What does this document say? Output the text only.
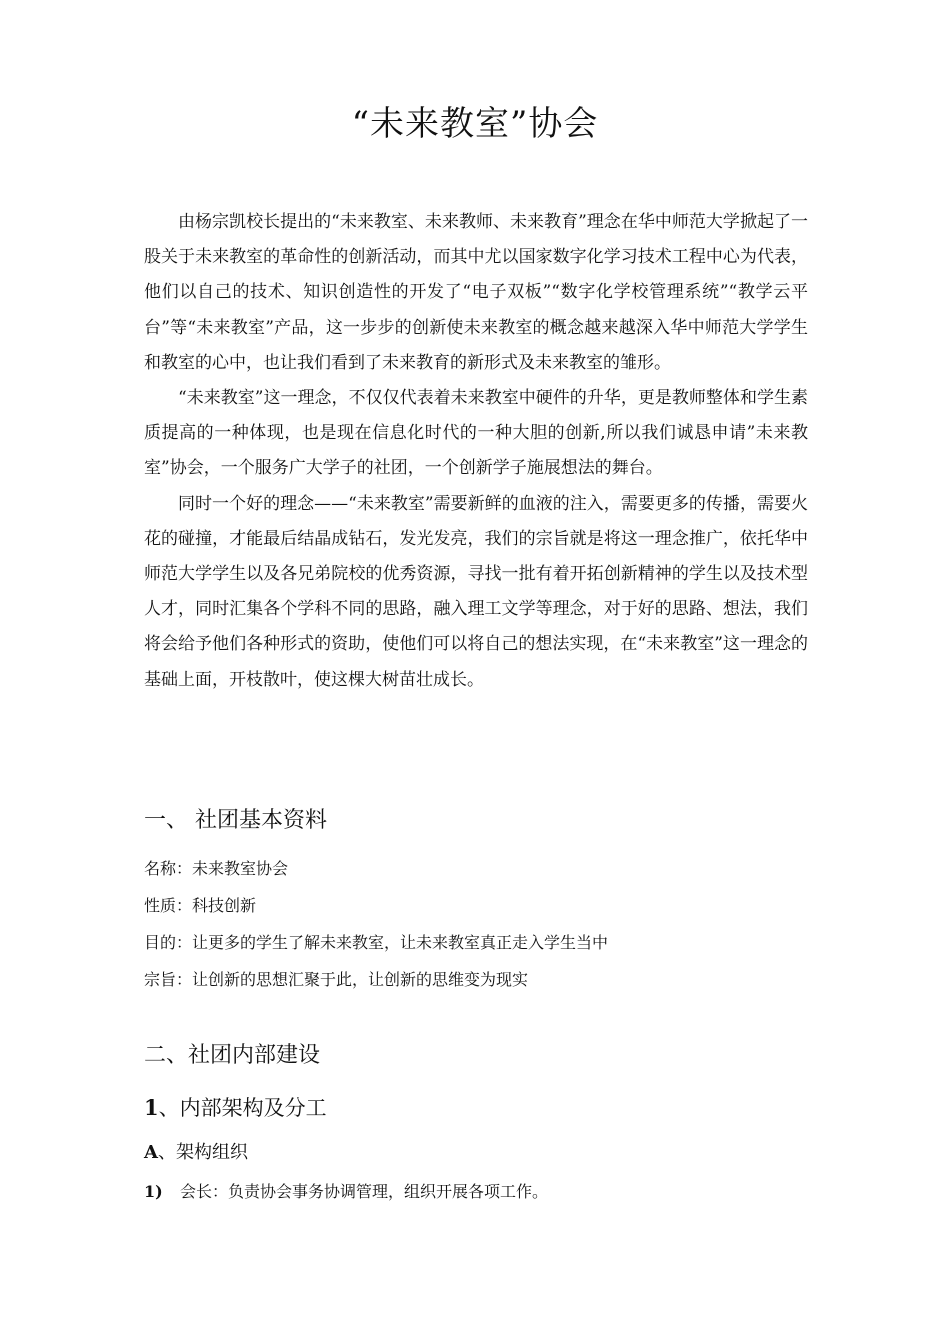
“未来教室”协会

由杨宗凯校长提出的“未来教室、未来教师、未来教育”理念在华中师范大学掀起了一股关于未来教室的革命性的创新活动，而其中尤以国家数字化学习技术工程中心为代表，他们以自己的技术、知识创造性的开发了“电子双板”“数字化学校管理系统”“教学云平台”等“未来教室”产品，这一步步的创新使未来教室的概念越来越深入华中师范大学学生和教室的心中，也让我们看到了未来教育的新形式及未来教室的雏形。

“未来教室”这一理念，不仅仅代表着未来教室中硬件的升华，更是教师整体和学生素质提高的一种体现，也是现在信息化时代的一种大胆的创新,所以我们诚恳申请”未来教室”协会，一个服务广大学子的社团，一个创新学子施展想法的舞台。

同时一个好的理念——“未来教室”需要新鲜的血液的注入，需要更多的传播，需要火花的碰撞，才能最后结晶成钻石，发光发亮，我们的宗旨就是将这一理念推广，依托华中师范大学学生以及各兄弟院校的优秀资源，寻找一批有着开拓创新精神的学生以及技术型人才，同时汇集各个学科不同的思路，融入理工文学等理念，对于好的思路、想法，我们将会给予他们各种形式的资助，使他们可以将自己的想法实现，在“未来教室”这一理念的基础上面，开枝散叶，使这棵大树苗壮成长。

一、 社团基本资料
名称：未来教室协会
性质：科技创新
目的：让更多的学生了解未来教室，让未来教室真正走入学生当中
宗旨：让创新的思想汇聚于此，让创新的思维变为现实
二、社团内部建设
1、内部架构及分工
A、架构组织
1) 会长：负责协会事务协调管理，组织开展各项工作。
